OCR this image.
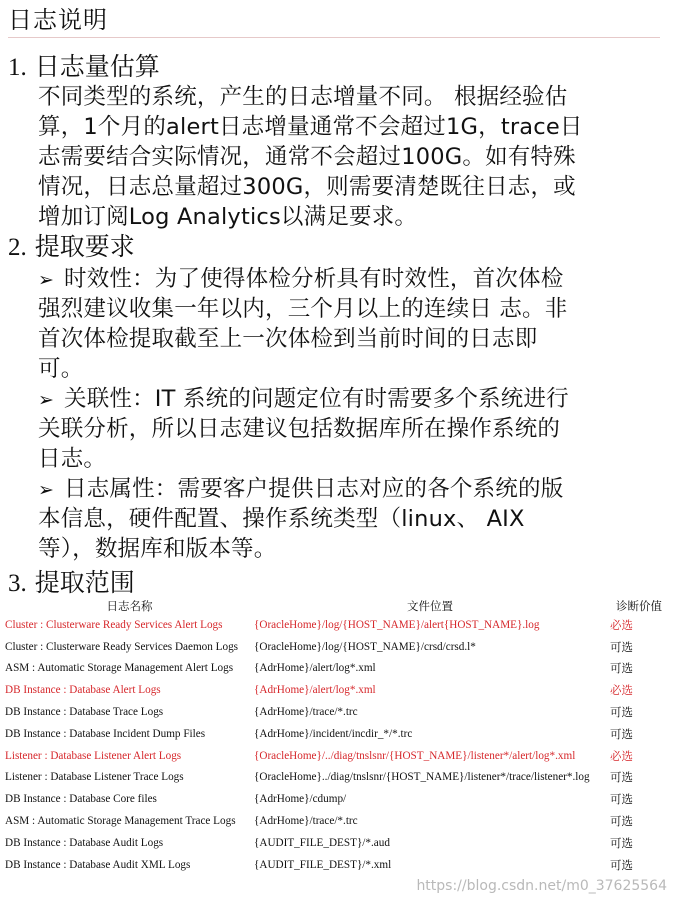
日志说明
1. 日志量估算
不同类型的系统，产生的日志增量不同。 根据经验估
算，1个月的alert日志增量通常不会超过1G，trace日
志需要结合实际情况，通常不会超过100G。如有特殊
情况，日志总量超过300G，则需要清楚既往日志，或
增加订阅Log Analytics以满足要求。
2. 提取要求
➢ 时效性：为了使得体检分析具有时效性，首次体检
强烈建议收集一年以内，三个月以上的连续日 志。非
首次体检提取截至上一次体检到当前时间的日志即
可。
➢ 关联性：IT 系统的问题定位有时需要多个系统进行
关联分析，所以日志建议包括数据库所在操作系统的
日志。
➢ 日志属性：需要客户提供日志对应的各个系统的版
本信息，硬件配置、操作系统类型（linux、 AIX
等），数据库和版本等。
3. 提取范围
日志名称	文件位置	诊断价值
Cluster : Clusterware Ready Services Alert Logs	{OracleHome}/log/{HOST_NAME}/alert{HOST_NAME}.log	必选
Cluster : Clusterware Ready Services Daemon Logs	{OracleHome}/log/{HOST_NAME}/crsd/crsd.l*	可选
ASM : Automatic Storage Management Alert Logs	{AdrHome}/alert/log*.xml	可选
DB Instance : Database Alert Logs	{AdrHome}/alert/log*.xml	必选
DB Instance : Database Trace Logs	{AdrHome}/trace/*.trc	可选
DB Instance : Database Incident Dump Files	{AdrHome}/incident/incdir_*/*.trc	可选
Listener : Database Listener Alert Logs	{OracleHome}/../diag/tnslsnr/{HOST_NAME}/listener*/alert/log*.xml	必选
Listener : Database Listener Trace Logs	{OracleHome}../diag/tnslsnr/{HOST_NAME}/listener*/trace/listener*.log	可选
DB Instance : Database Core files	{AdrHome}/cdump/	可选
ASM : Automatic Storage Management Trace Logs	{AdrHome}/trace/*.trc	可选
DB Instance : Database Audit Logs	{AUDIT_FILE_DEST}/*.aud	可选
DB Instance : Database Audit XML Logs	{AUDIT_FILE_DEST}/*.xml	可选
https://blog.csdn.net/m0_37625564
